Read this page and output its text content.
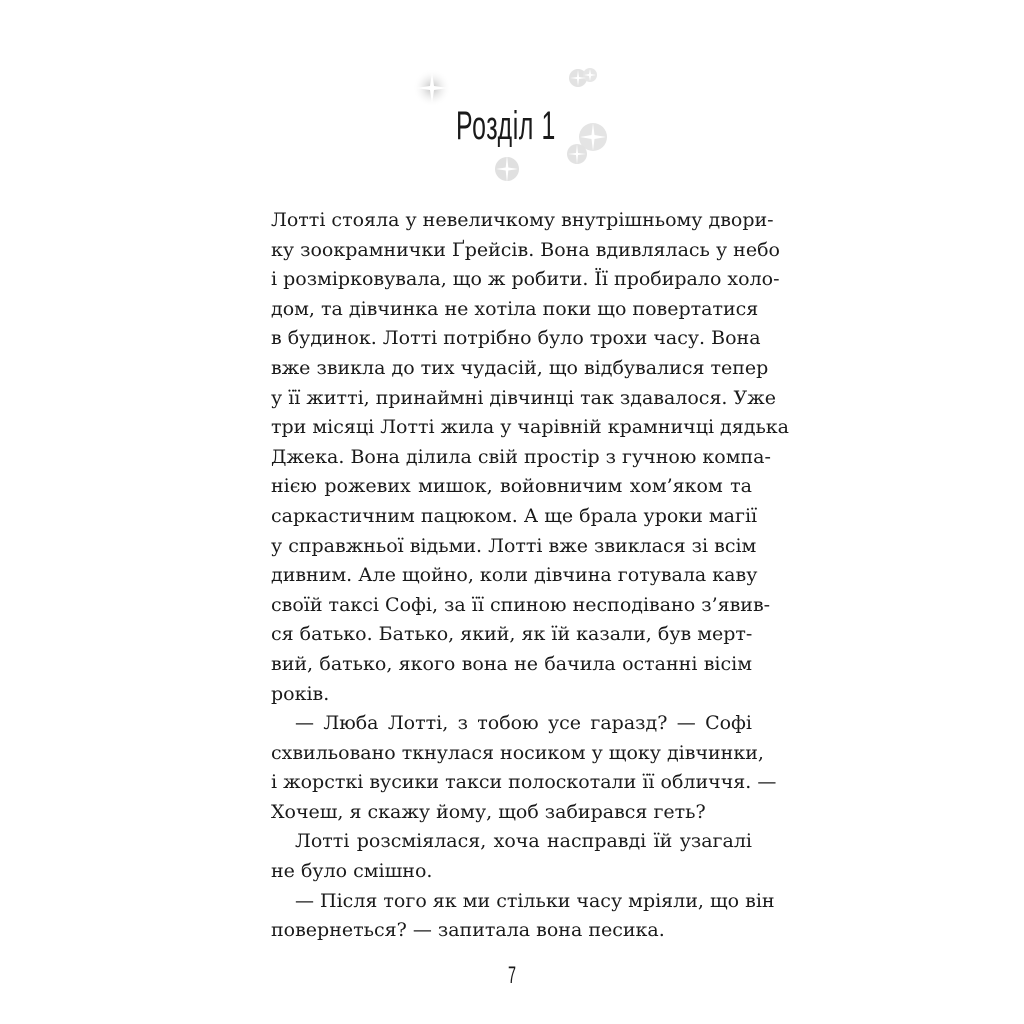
Розділ 1
Лотті стояла у невеличкому внутрішньому двори-
ку зоокрамнички Ґрейсів. Вона вдивлялась у небо
і розмірковувала, що ж робити. Її пробирало холо-
дом, та дівчинка не хотіла поки що повертатися
в будинок. Лотті потрібно було трохи часу. Вона
вже звикла до тих чудасій, що відбувалися тепер
у її житті, принаймні дівчинці так здавалося. Уже
три місяці Лотті жила у чарівній крамничці дядька
Джека. Вона ділила свій простір з гучною компа-
нією рожевих мишок, войовничим хом’яком та
саркастичним пацюком. А ще брала уроки магії
у справжньої відьми. Лотті вже звиклася зі всім
дивним. Але щойно, коли дівчина готувала каву
своїй таксі Софі, за її спиною несподівано з’явив-
ся батько. Батько, який, як їй казали, був мерт-
вий, батько, якого вона не бачила останні вісім
років.
— Люба Лотті, з тобою усе гаразд? — Софі
схвильовано ткнулася носиком у щоку дівчинки,
і жорсткі вусики такси полоскотали її обличчя. —
Хочеш, я скажу йому, щоб забирався геть?
Лотті розсміялася, хоча насправді їй узагалі
не було смішно.
— Після того як ми стільки часу мріяли, що він
повернеться? — запитала вона песика.
7
